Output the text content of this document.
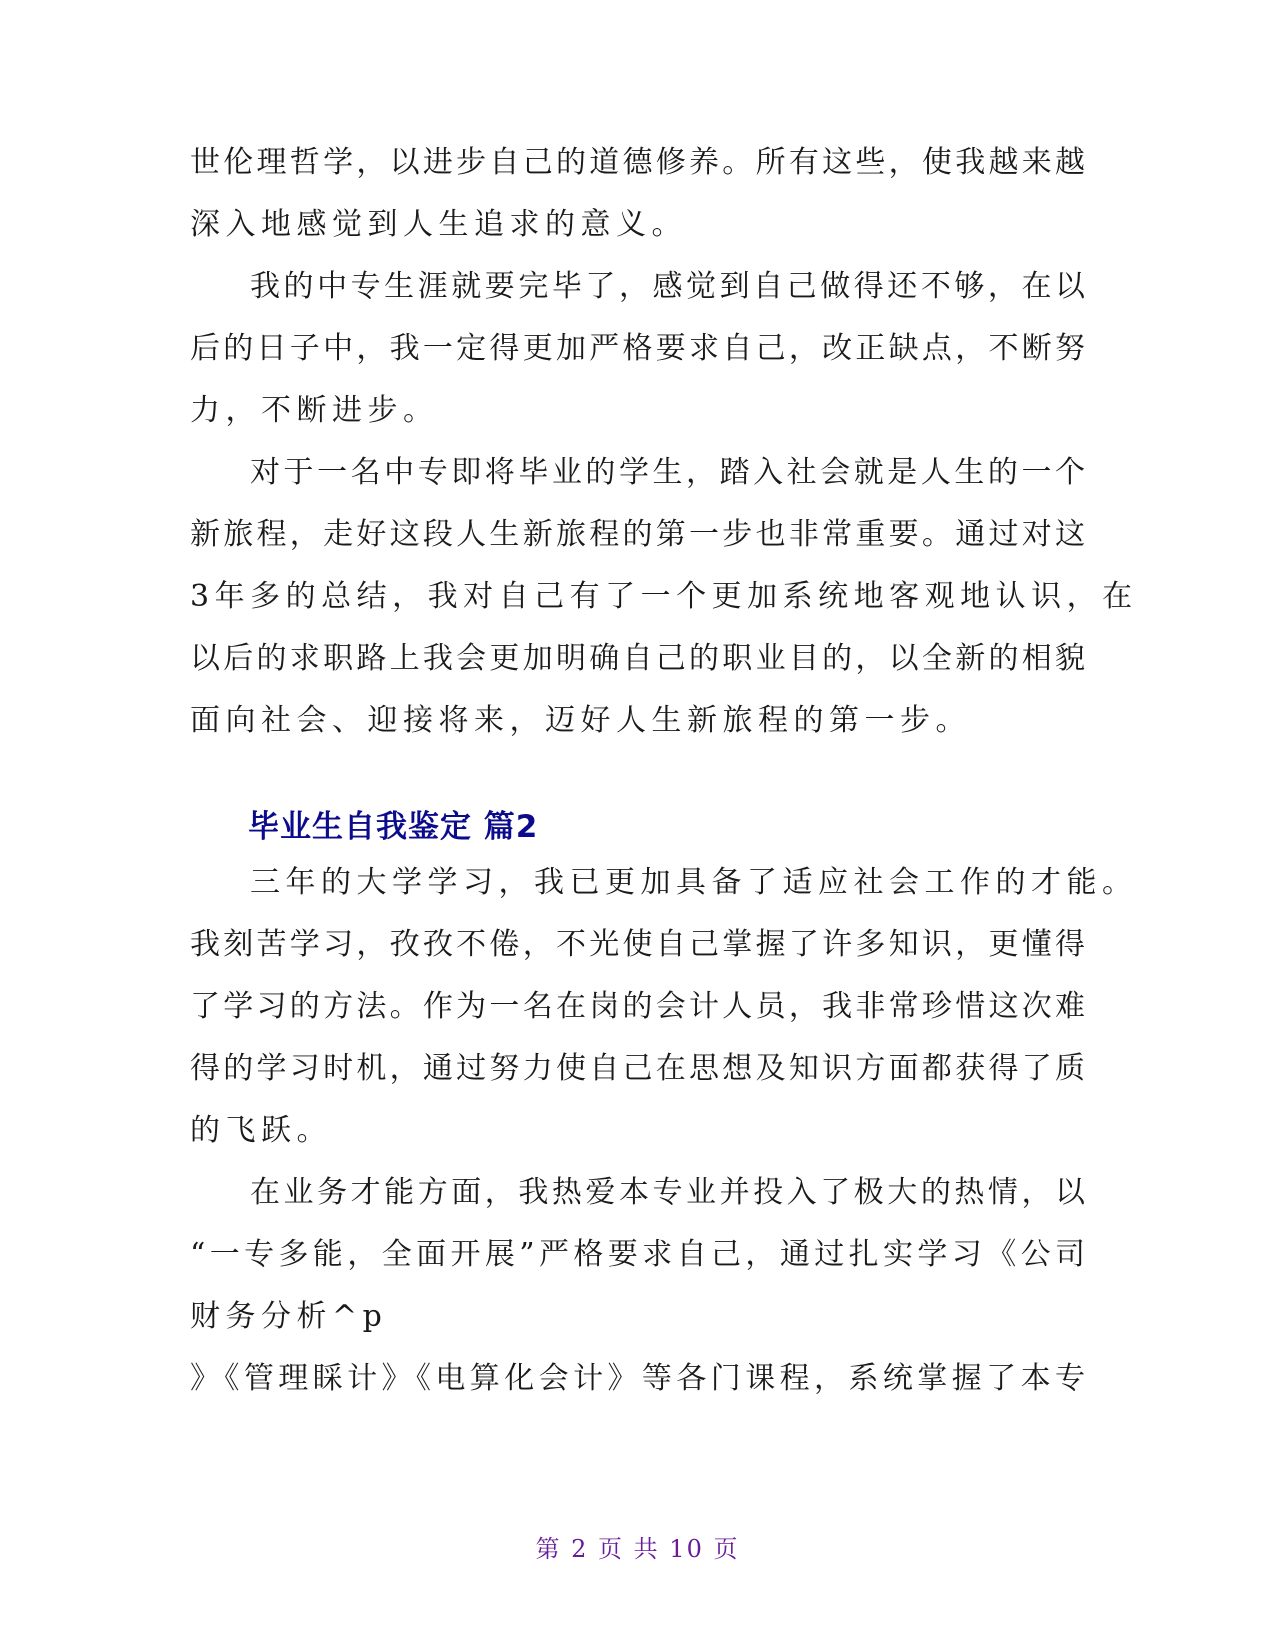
世伦理哲学，以进步自己的道德修养。所有这些，使我越来越
深入地感觉到人生追求的意义。
我的中专生涯就要完毕了，感觉到自己做得还不够，在以
后的日子中，我一定得更加严格要求自己，改正缺点，不断努
力，不断进步。
对于一名中专即将毕业的学生，踏入社会就是人生的一个
新旅程，走好这段人生新旅程的第一步也非常重要。通过对这
3年多的总结，我对自己有了一个更加系统地客观地认识，在
以后的求职路上我会更加明确自己的职业目的，以全新的相貌
面向社会、迎接将来，迈好人生新旅程的第一步。
毕业生自我鉴定 篇2
三年的大学学习，我已更加具备了适应社会工作的才能。
我刻苦学习，孜孜不倦，不光使自己掌握了许多知识，更懂得
了学习的方法。作为一名在岗的会计人员，我非常珍惜这次难
得的学习时机，通过努力使自己在思想及知识方面都获得了质
的飞跃。
在业务才能方面，我热爱本专业并投入了极大的热情，以
“一专多能，全面开展”严格要求自己，通过扎实学习《公司
财务分析^p
》《管理睬计》《电算化会计》等各门课程，系统掌握了本专
第 2 页 共 10 页
